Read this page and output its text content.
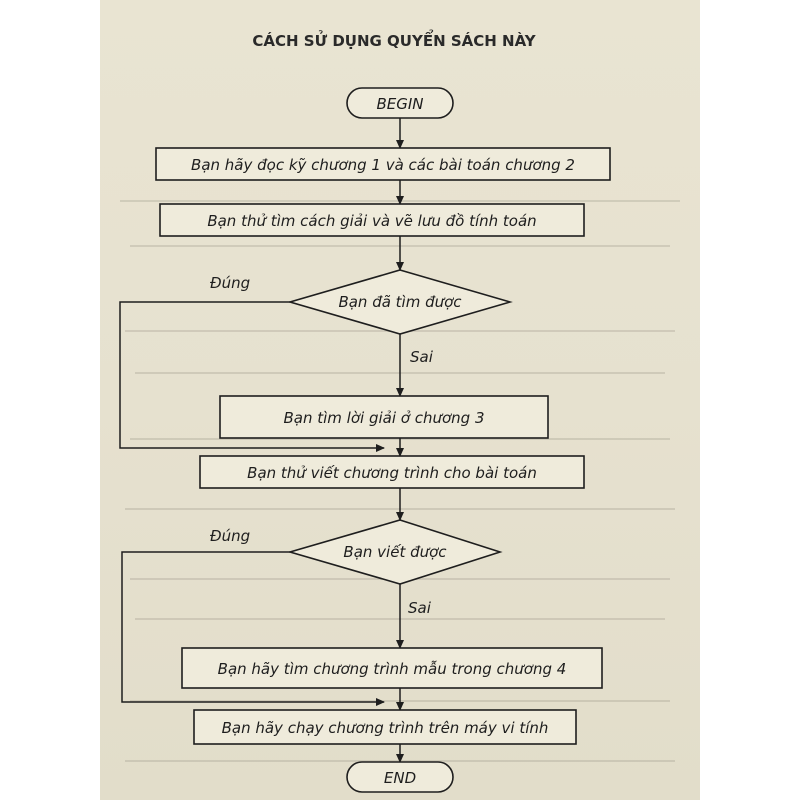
CÁCH SỬ DỤNG QUYỂN SÁCH NÀY
BEGIN
Bạn hãy đọc kỹ chương 1 và các bài toán chương 2
Bạn thử tìm cách giải và vẽ lưu đồ tính toán
Bạn đã tìm được
Đúng
Sai
Bạn tìm lời giải ở chương 3
Bạn thử viết chương trình cho bài toán
Bạn viết được
Đúng
Sai
Bạn hãy tìm chương trình mẫu trong chương 4
Bạn hãy chạy chương trình trên máy vi tính
END
